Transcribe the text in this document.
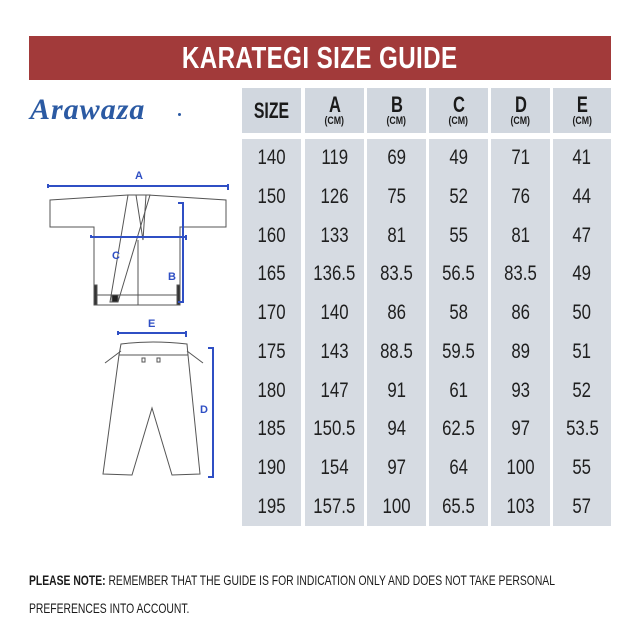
KARATEGI SIZE GUIDE
Arawaza
A
C
B
E
D
SIZE A
(CM)
B
(CM)
C
(CM)
D
(CM)
E
(CM)
140
150
160
165
170
175
180
185
190
195
119
126
133
136.5
140
143
147
150.5
154
157.5
69
75
81
83.5
86
88.5
91
94
97
100
49
52
55
56.5
58
59.5
61
62.5
64
65.5
71
76
81
83.5
86
89
93
97
100
103
41
44
47
49
50
51
52
53.5
55
57
PLEASE NOTE: REMEMBER THAT THE GUIDE IS FOR INDICATION ONLY AND DOES NOT TAKE PERSONAL
PREFERENCES INTO ACCOUNT.
